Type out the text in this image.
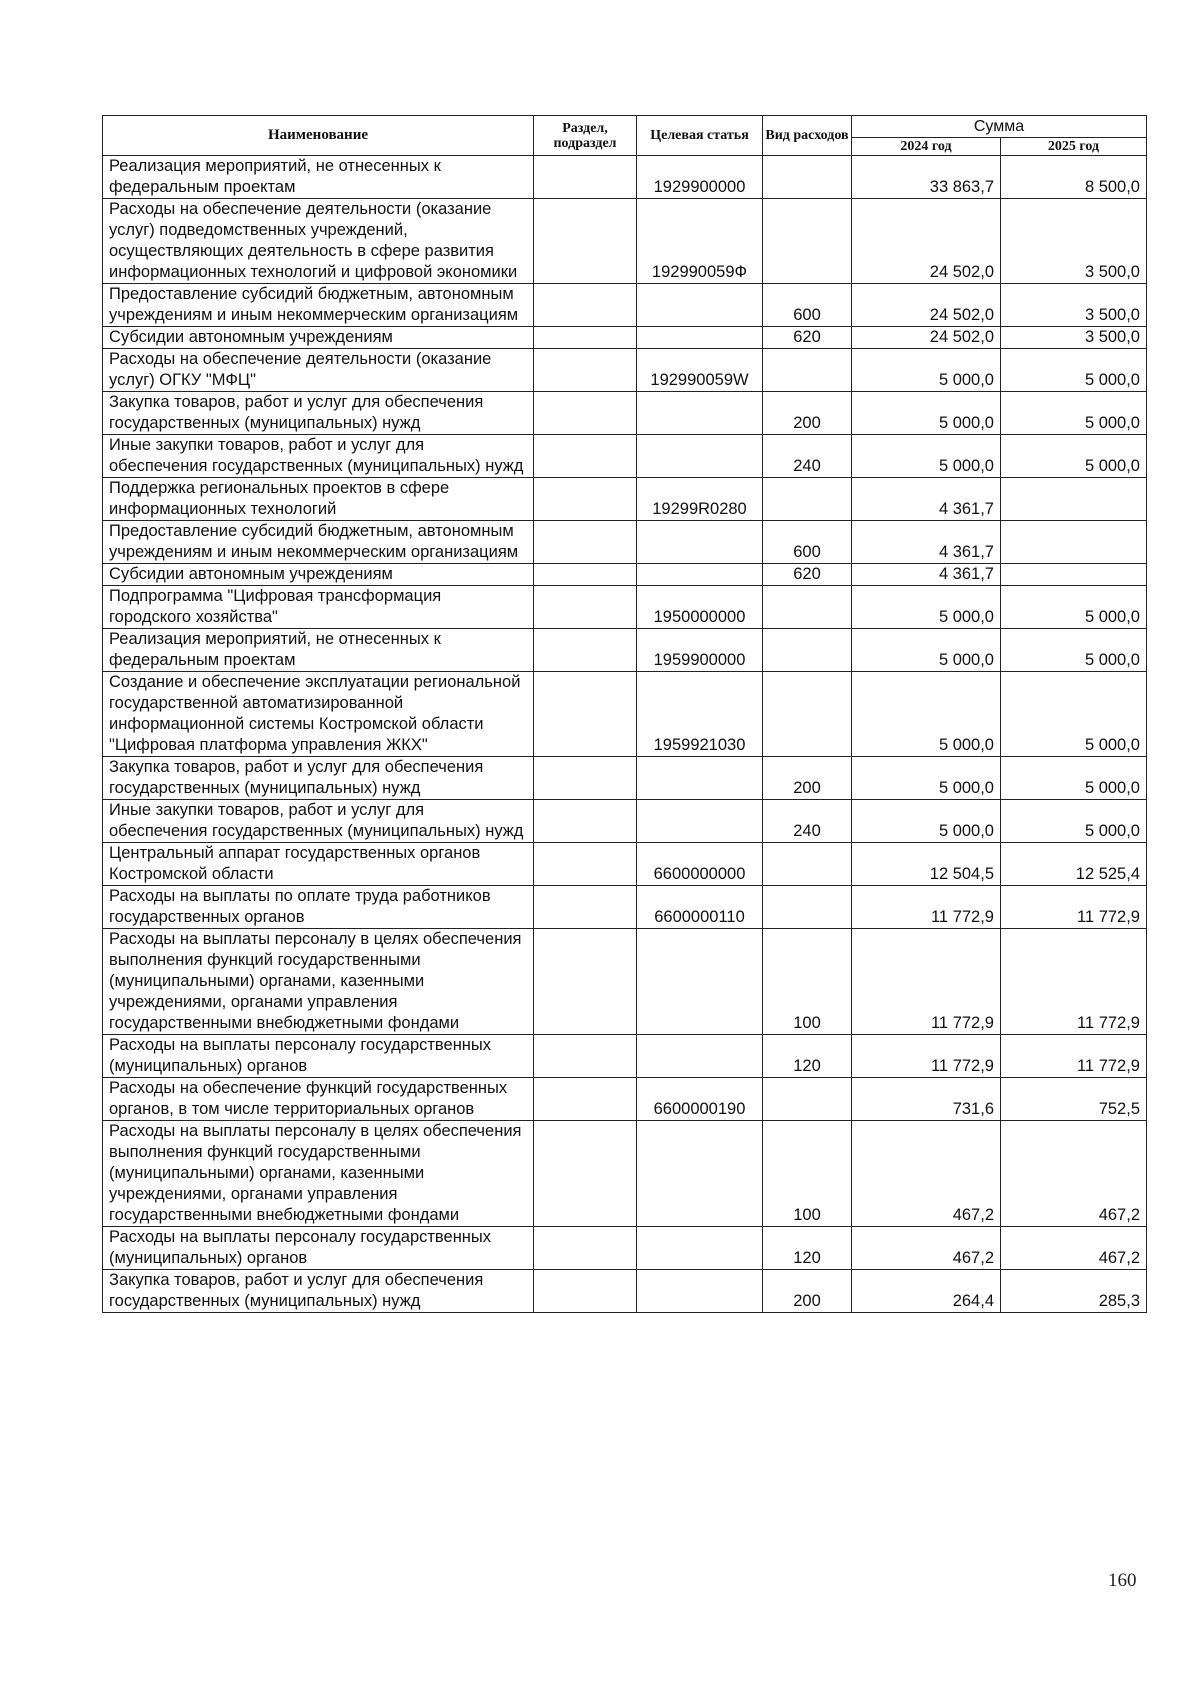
Наименование	Раздел, подраздел	Целевая статья	Вид расходов	Сумма	
				2024 год	2025 год
Реализация мероприятий, не отнесенных к федеральным проектам		1929900000		33 863,7	8 500,0
Расходы на обеспечение деятельности (оказание услуг) подведомственных учреждений, осуществляющих деятельность в сфере развития информационных технологий и цифровой экономики		192990059Ф		24 502,0	3 500,0
Предоставление субсидий бюджетным, автономным учреждениям и иным некоммерческим организациям			600	24 502,0	3 500,0
Субсидии автономным учреждениям			620	24 502,0	3 500,0
Расходы на обеспечение деятельности (оказание услуг) ОГКУ "МФЦ"		192990059W		5 000,0	5 000,0
Закупка товаров, работ и услуг для обеспечения государственных (муниципальных) нужд			200	5 000,0	5 000,0
Иные закупки товаров, работ и услуг для обеспечения государственных (муниципальных) нужд			240	5 000,0	5 000,0
Поддержка региональных проектов в сфере информационных технологий		19299R0280		4 361,7	
Предоставление субсидий бюджетным, автономным учреждениям и иным некоммерческим организациям			600	4 361,7	
Субсидии автономным учреждениям			620	4 361,7	
Подпрограмма "Цифровая трансформация городского хозяйства"		1950000000		5 000,0	5 000,0
Реализация мероприятий, не отнесенных к федеральным проектам		1959900000		5 000,0	5 000,0
Создание и обеспечение эксплуатации региональной государственной автоматизированной информационной системы Костромской области "Цифровая платформа управления ЖКХ"		1959921030		5 000,0	5 000,0
Закупка товаров, работ и услуг для обеспечения государственных (муниципальных) нужд			200	5 000,0	5 000,0
Иные закупки товаров, работ и услуг для обеспечения государственных (муниципальных) нужд			240	5 000,0	5 000,0
Центральный аппарат государственных органов Костромской области		6600000000		12 504,5	12 525,4
Расходы на выплаты по оплате труда работников государственных органов		6600000110		11 772,9	11 772,9
Расходы на выплаты персоналу в целях обеспечения выполнения функций государственными (муниципальными) органами, казенными учреждениями, органами управления государственными внебюджетными фондами			100	11 772,9	11 772,9
Расходы на выплаты персоналу государственных (муниципальных) органов			120	11 772,9	11 772,9
Расходы на обеспечение функций государственных органов, в том числе территориальных органов		6600000190		731,6	752,5
Расходы на выплаты персоналу в целях обеспечения выполнения функций государственными (муниципальными) органами, казенными учреждениями, органами управления государственными внебюджетными фондами			100	467,2	467,2
Расходы на выплаты персоналу государственных (муниципальных) органов			120	467,2	467,2
Закупка товаров, работ и услуг для обеспечения государственных (муниципальных) нужд			200	264,4	285,3
160
